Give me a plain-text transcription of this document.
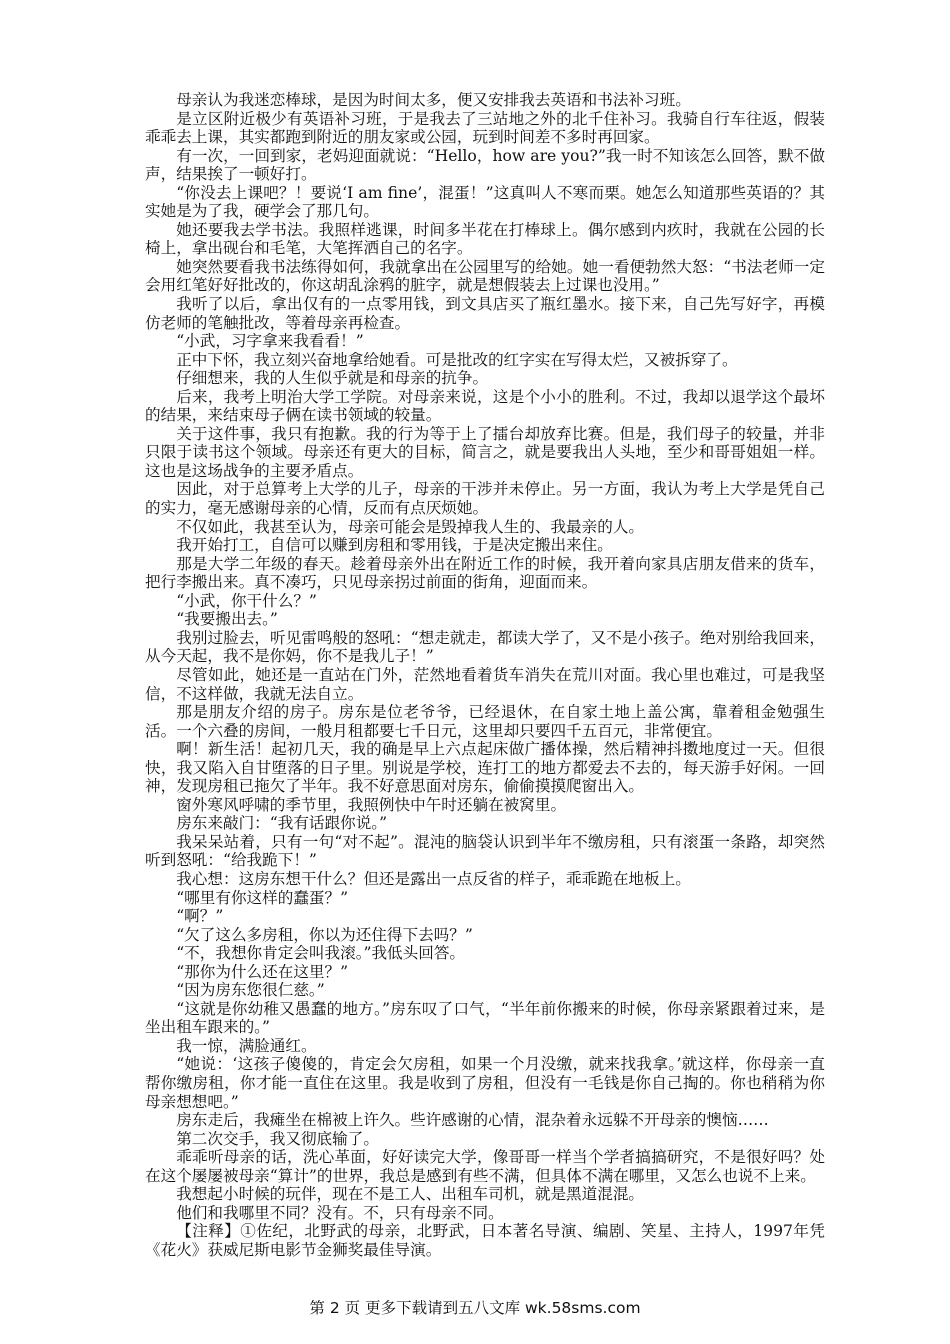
母亲认为我迷恋棒球，是因为时间太多，便又安排我去英语和书法补习班。

是立区附近极少有英语补习班，于是我去了三站地之外的北千住补习。我骑自行车往返，假装乖乖去上课，其实都跑到附近的朋友家或公园，玩到时间差不多时再回家。

有一次，一回到家，老妈迎面就说：“Hello，how are you?”我一时不知该怎么回答，默不做声，结果挨了一顿好打。

“你没去上课吧？！要说‘I am fine’，混蛋！”这真叫人不寒而栗。她怎么知道那些英语的？其实她是为了我，硬学会了那几句。

她还要我去学书法。我照样逃课，时间多半花在打棒球上。偶尔感到内疚时，我就在公园的长椅上，拿出砚台和毛笔，大笔挥洒自己的名字。

她突然要看我书法练得如何，我就拿出在公园里写的给她。她一看便勃然大怒：“书法老师一定会用红笔好好批改的，你这胡乱涂鸦的脏字，就是想假装去上过课也没用。”

我听了以后，拿出仅有的一点零用钱，到文具店买了瓶红墨水。接下来，自己先写好字，再模仿老师的笔触批改，等着母亲再检查。

“小武，习字拿来我看看！”

正中下怀，我立刻兴奋地拿给她看。可是批改的红字实在写得太烂，又被拆穿了。

仔细想来，我的人生似乎就是和母亲的抗争。

后来，我考上明治大学工学院。对母亲来说，这是个小小的胜利。不过，我却以退学这个最坏的结果，来结束母子俩在读书领域的较量。

关于这件事，我只有抱歉。我的行为等于上了擂台却放弃比赛。但是，我们母子的较量，并非只限于读书这个领域。母亲还有更大的目标，简言之，就是要我出人头地，至少和哥哥姐姐一样。这也是这场战争的主要矛盾点。

因此，对于总算考上大学的儿子，母亲的干涉并未停止。另一方面，我认为考上大学是凭自己的实力，毫无感谢母亲的心情，反而有点厌烦她。

不仅如此，我甚至认为，母亲可能会是毁掉我人生的、我最亲的人。

我开始打工，自信可以赚到房租和零用钱，于是决定搬出来住。

那是大学二年级的春天。趁着母亲外出在附近工作的时候，我开着向家具店朋友借来的货车，把行李搬出来。真不凑巧，只见母亲拐过前面的街角，迎面而来。

“小武，你干什么？”

“我要搬出去。”

我别过脸去，听见雷鸣般的怒吼：“想走就走，都读大学了，又不是小孩子。绝对别给我回来，从今天起，我不是你妈，你不是我儿子！”

尽管如此，她还是一直站在门外，茫然地看着货车消失在荒川对面。我心里也难过，可是我坚信，不这样做，我就无法自立。

那是朋友介绍的房子。房东是位老爷爷，已经退休，在自家土地上盖公寓，靠着租金勉强生活。一个六叠的房间，一般月租都要七千日元，这里却只要四千五百元，非常便宜。

啊！新生活！起初几天，我的确是早上六点起床做广播体操，然后精神抖擞地度过一天。但很快，我又陷入自甘堕落的日子里。别说是学校，连打工的地方都爱去不去的，每天游手好闲。一回神，发现房租已拖欠了半年。我不好意思面对房东，偷偷摸摸爬窗出入。

窗外寒风呼啸的季节里，我照例快中午时还躺在被窝里。

房东来敲门：“我有话跟你说。”

我呆呆站着，只有一句“对不起”。混沌的脑袋认识到半年不缴房租，只有滚蛋一条路，却突然听到怒吼：“给我跪下！”

我心想：这房东想干什么？但还是露出一点反省的样子，乖乖跪在地板上。

“哪里有你这样的蠢蛋？”

“啊？”

“欠了这么多房租，你以为还住得下去吗？”

“不，我想你肯定会叫我滚。”我低头回答。

“那你为什么还在这里？”

“因为房东您很仁慈。”

“这就是你幼稚又愚蠢的地方。”房东叹了口气，“半年前你搬来的时候，你母亲紧跟着过来，是坐出租车跟来的。”

我一惊，满脸通红。

“她说：‘这孩子傻傻的，肯定会欠房租，如果一个月没缴，就来找我拿。’就这样，你母亲一直帮你缴房租，你才能一直住在这里。我是收到了房租，但没有一毛钱是你自己掏的。你也稍稍为你母亲想想吧。”

房东走后，我瘫坐在棉被上许久。些许感谢的心情，混杂着永远躲不开母亲的懊恼……

第二次交手，我又彻底输了。

乖乖听母亲的话，洗心革面，好好读完大学，像哥哥一样当个学者搞搞研究，不是很好吗？处在这个屡屡被母亲“算计”的世界，我总是感到有些不满，但具体不满在哪里，又怎么也说不上来。

我想起小时候的玩伴，现在不是工人、出租车司机，就是黑道混混。

他们和我哪里不同？没有。不，只有母亲不同。

【注释】①佐纪，北野武的母亲，北野武，日本著名导演、编剧、笑星、主持人，1997年凭《花火》获威尼斯电影节金狮奖最佳导演。

第 2 页 更多下载请到五八文库 wk.58sms.com
